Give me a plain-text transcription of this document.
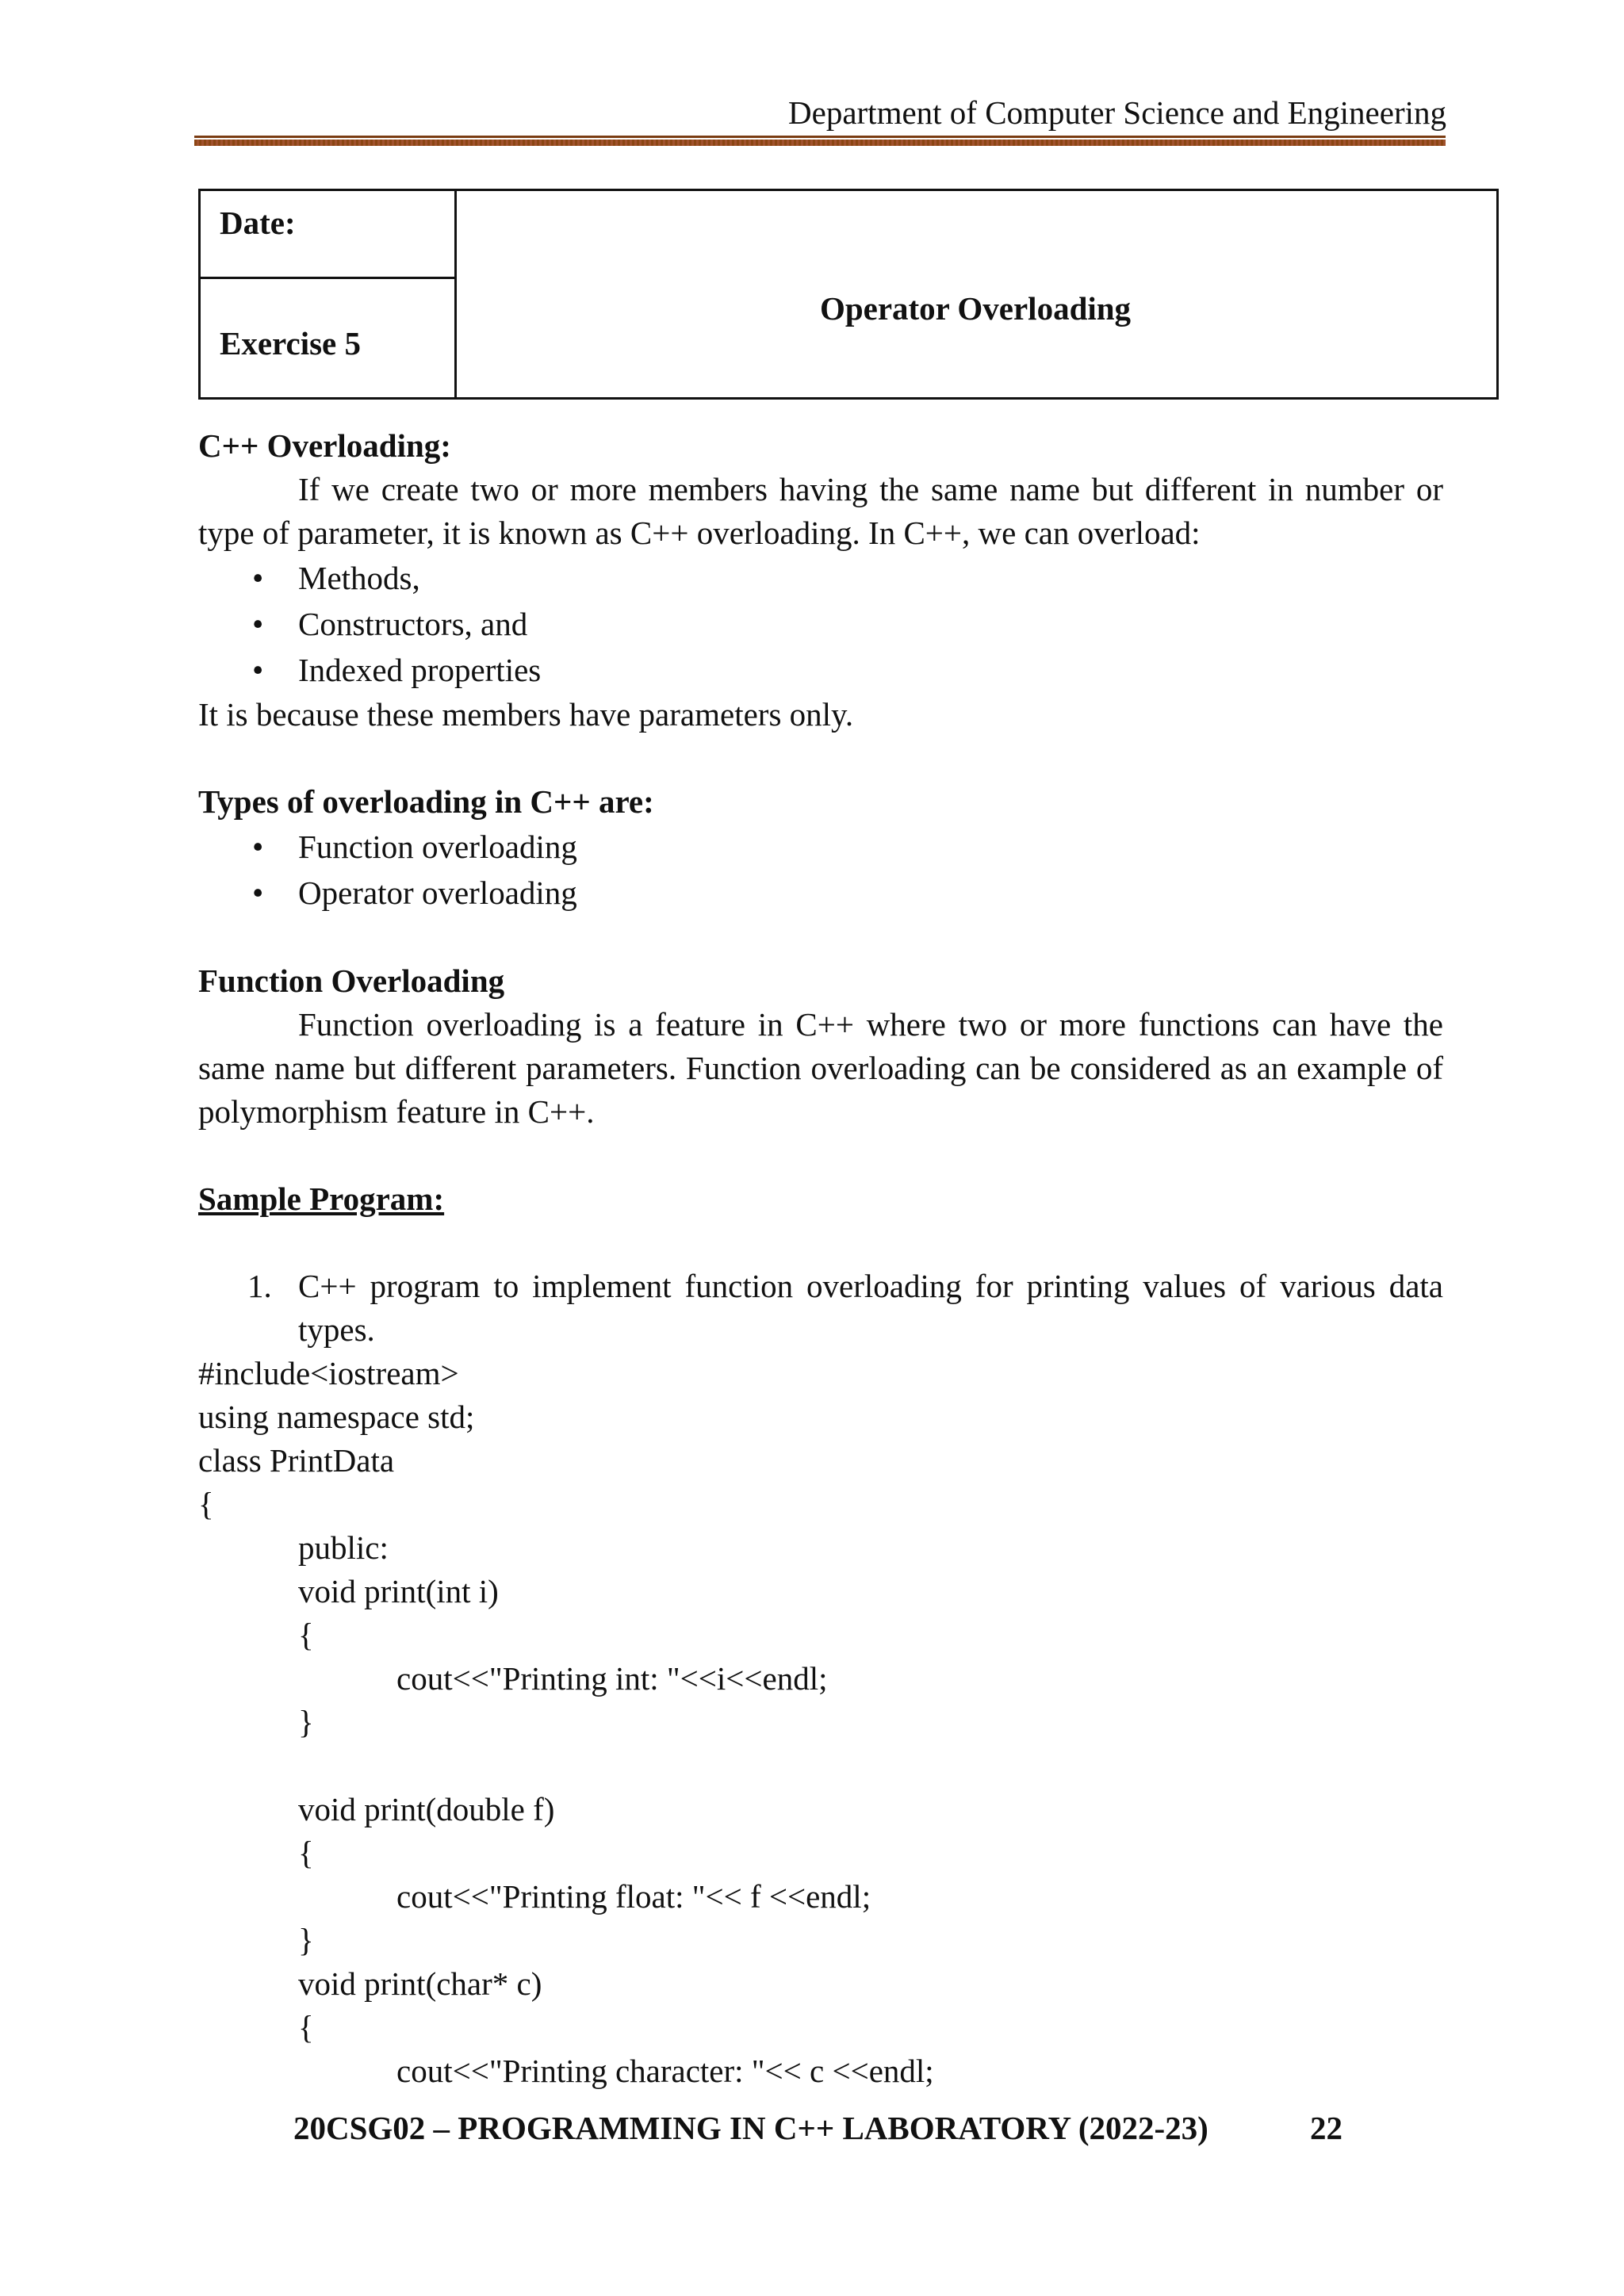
Department of Computer Science and Engineering
Date:
Exercise 5
Operator Overloading

C++ Overloading:

If we create two or more members having the same name but different in number or type of parameter, it is known as C++ overloading. In C++, we can overload:

• Methods,
• Constructors, and
• Indexed properties

It is because these members have parameters only.

Types of overloading in C++ are:

• Function overloading
• Operator overloading

Function Overloading

Function overloading is a feature in C++ where two or more functions can have the same name but different parameters. Function overloading can be considered as an example of polymorphism feature in C++.

Sample Program:

1. C++ program to implement function overloading for printing values of various data types.
#include<iostream>
using namespace std;
class PrintData
{
public:
void print(int i)
{
cout<<"Printing int: "<<i<<endl;
}
void print(double f)
{
cout<<"Printing float: "<< f <<endl;
}
void print(char* c)
{
cout<<"Printing character: "<< c <<endl;
20CSG02 – PROGRAMMING IN C++ LABORATORY (2022-23)	22
